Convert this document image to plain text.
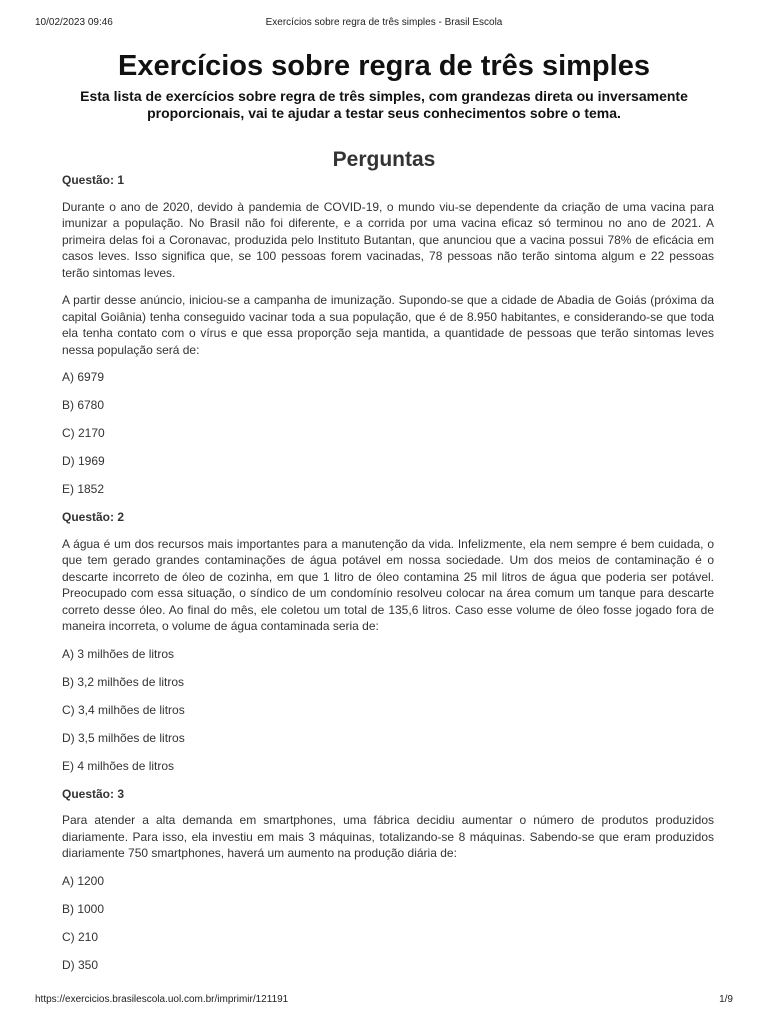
10/02/2023 09:46	Exercícios sobre regra de três simples - Brasil Escola
Exercícios sobre regra de três simples

Esta lista de exercícios sobre regra de três simples, com grandezas direta ou inversamente proporcionais, vai te ajudar a testar seus conhecimentos sobre o tema.

Perguntas
Questão: 1

Durante o ano de 2020, devido à pandemia de COVID-19, o mundo viu-se dependente da criação de uma vacina para imunizar a população. No Brasil não foi diferente, e a corrida por uma vacina eficaz só terminou no ano de 2021. A primeira delas foi a Coronavac, produzida pelo Instituto Butantan, que anunciou que a vacina possui 78% de eficácia em casos leves. Isso significa que, se 100 pessoas forem vacinadas, 78 pessoas não terão sintoma algum e 22 pessoas terão sintomas leves.

A partir desse anúncio, iniciou-se a campanha de imunização. Supondo-se que a cidade de Abadia de Goiás (próxima da capital Goiânia) tenha conseguido vacinar toda a sua população, que é de 8.950 habitantes, e considerando-se que toda ela tenha contato com o vírus e que essa proporção seja mantida, a quantidade de pessoas que terão sintomas leves nessa população será de:

A) 6979
B) 6780
C) 2170
D) 1969
E) 1852
Questão: 2

A água é um dos recursos mais importantes para a manutenção da vida. Infelizmente, ela nem sempre é bem cuidada, o que tem gerado grandes contaminações de água potável em nossa sociedade. Um dos meios de contaminação é o descarte incorreto de óleo de cozinha, em que 1 litro de óleo contamina 25 mil litros de água que poderia ser potável. Preocupado com essa situação, o síndico de um condomínio resolveu colocar na área comum um tanque para descarte correto desse óleo. Ao final do mês, ele coletou um total de 135,6 litros. Caso esse volume de óleo fosse jogado fora de maneira incorreta, o volume de água contaminada seria de:

A) 3 milhões de litros
B) 3,2 milhões de litros
C) 3,4 milhões de litros
D) 3,5 milhões de litros
E) 4 milhões de litros
Questão: 3

Para atender a alta demanda em smartphones, uma fábrica decidiu aumentar o número de produtos produzidos diariamente. Para isso, ela investiu em mais 3 máquinas, totalizando-se 8 máquinas. Sabendo-se que eram produzidos diariamente 750 smartphones, haverá um aumento na produção diária de:

A) 1200
B) 1000
C) 210
D) 350
https://exercicios.brasilescola.uol.com.br/imprimir/121191	1/9
